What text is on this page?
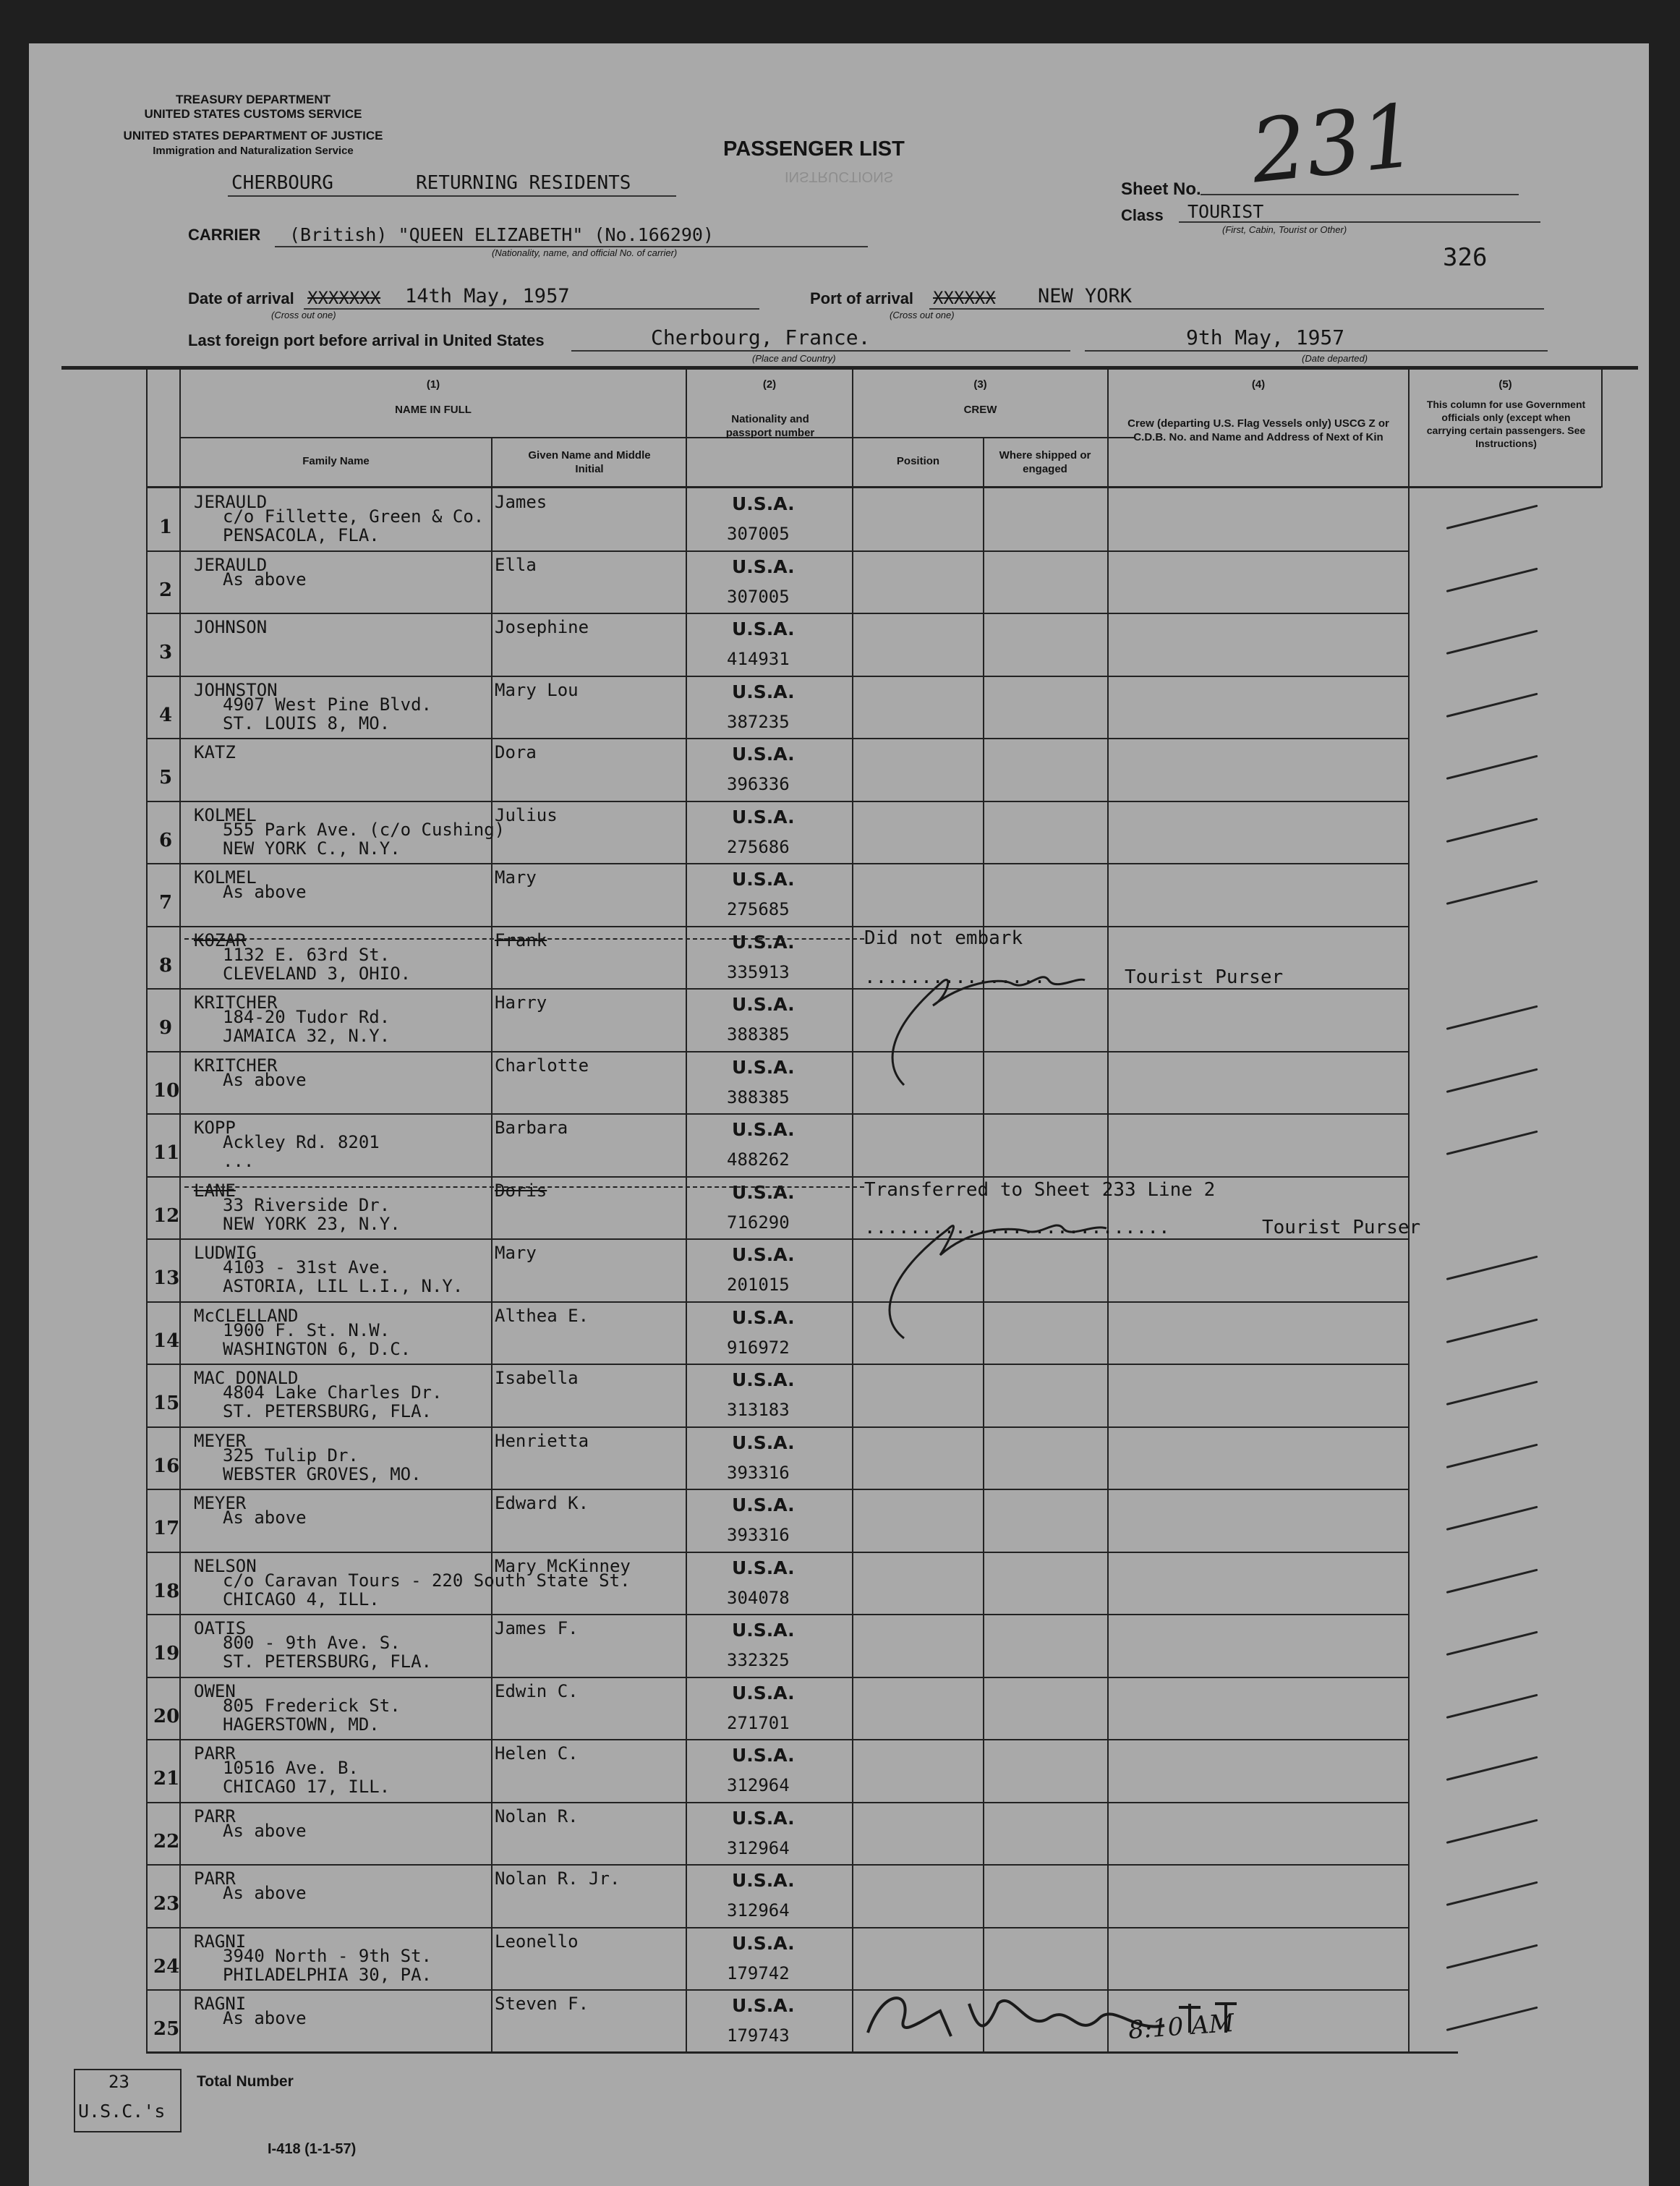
TREASURY DEPARTMENT
UNITED STATES CUSTOMS SERVICE
UNITED STATES DEPARTMENT OF JUSTICE
Immigration and Naturalization Service	PASSENGER LIST
INSTRUCTIONS
Sheet No. 231
CHERBOURG	RETURNING RESIDENTS
CARRIER (British) "QUEEN ELIZABETH" (No.166290)
(Nationality, name, and official No. of carrier)
Class TOURIST
(First, Cabin, Tourist or Other)
326
Date of arrival XXXXXXX 14th May, 1957
(Cross out one)
Port of arrival XXXXXX NEW YORK
(Cross out one)
Last foreign port before arrival in United States	Cherbourg, France.
(Place and Country)
9th May, 1957
(Date departed)
(1)
NAME IN FULL
Family Name	Given Name and Middle Initial
(2)
Nationality and passport number
(3)
CREW
Position	Where shipped or engaged
(4)
Crew (departing U.S. Flag Vessels only) USCG Z or C.D.B. No. and Name and Address of Next of Kin
(5)
This column for use Government officials only (except when carrying certain passengers. See Instructions)
1
JERAULD
c/o Fillette, Green & Co.
PENSACOLA, FLA.
James	U.S.A.
307005
2
JERAULD
As above
Ella	U.S.A.
307005
3
JOHNSON	Josephine	U.S.A.
414931
4
JOHNSTON
4907 West Pine Blvd.
ST. LOUIS 8, MO.
Mary Lou	U.S.A.
387235
5
KATZ	Dora	U.S.A.
396336
6
KOLMEL
555 Park Ave. (c/o Cushing)
NEW YORK C., N.Y.
Julius	U.S.A.
275686
7
KOLMEL
As above
Mary	U.S.A.
275685
8
KOZAR
1132 E. 63rd St.
CLEVELAND 3, OHIO.
Frank	U.S.A.
335913
9
KRITCHER
184-20 Tudor Rd.
JAMAICA 32, N.Y.
Harry	U.S.A.
388385
10
KRITCHER
As above
Charlotte	U.S.A.
388385
11
KOPP
Ackley Rd. 8201
...
Barbara	U.S.A.
488262
12
LANE
33 Riverside Dr.
NEW YORK 23, N.Y.
Doris	U.S.A.
716290
13
LUDWIG
4103 - 31st Ave.
ASTORIA, LIL L.I., N.Y.
Mary	U.S.A.
201015
14
McCLELLAND
1900 F. St. N.W.
WASHINGTON 6, D.C.
Althea E.	U.S.A.
916972
15
MAC DONALD
4804 Lake Charles Dr.
ST. PETERSBURG, FLA.
Isabella	U.S.A.
313183
16
MEYER
325 Tulip Dr.
WEBSTER GROVES, MO.
Henrietta	U.S.A.
393316
17
MEYER
As above
Edward K.	U.S.A.
393316
18
NELSON
c/o Caravan Tours - 220 South State St.
CHICAGO 4, ILL.
Mary McKinney	U.S.A.
304078
19
OATIS
800 - 9th Ave. S.
ST. PETERSBURG, FLA.
James F.	U.S.A.
332325
20
OWEN
805 Frederick St.
HAGERSTOWN, MD.
Edwin C.	U.S.A.
271701
21
PARR
10516 Ave. B.
CHICAGO 17, ILL.
Helen C.	U.S.A.
312964
22
PARR
As above
Nolan R.	U.S.A.
312964
23
PARR
As above
Nolan R. Jr.	U.S.A.
312964
24
RAGNI
3940 North - 9th St.
PHILADELPHIA 30, PA.
Leonello	U.S.A.
179742
25
RAGNI
As above
Steven F.	U.S.A.
179743
Did not embark
................	Tourist Purser
Transferred to Sheet 233 Line 2
...........................	Tourist Purser
8:10 AM
23
U.S.C.'s
Total Number
I-418 (1-1-57)
